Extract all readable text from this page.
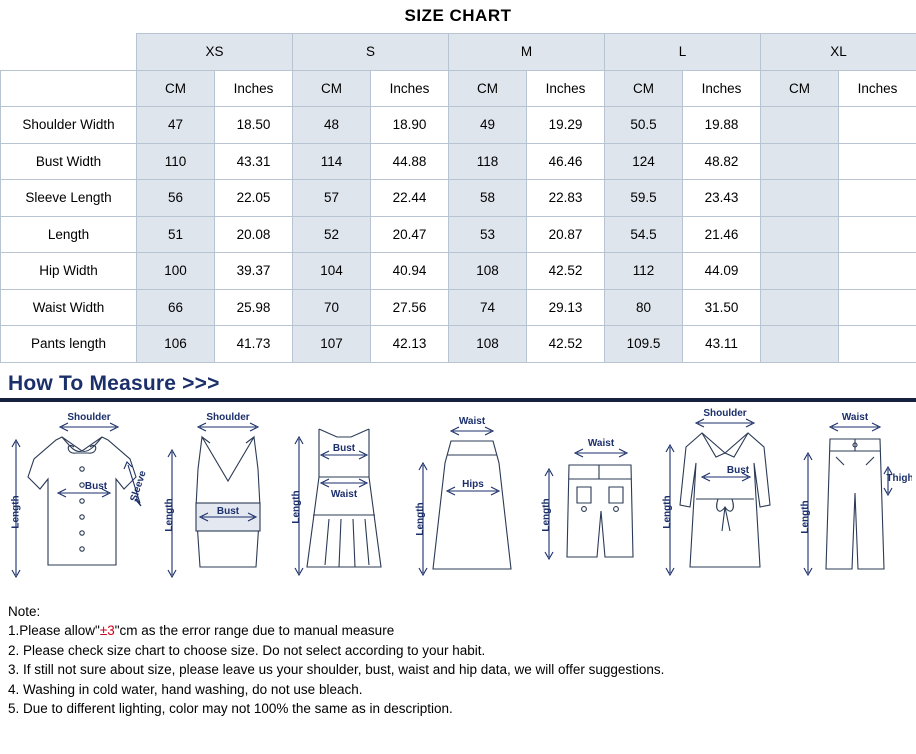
SIZE CHART
	XS		S		M		L		XL	
	CM	Inches	CM	Inches	CM	Inches	CM	Inches	CM	Inches
Shoulder Width	47	18.50	48	18.90	49	19.29	50.5	19.88		
Bust Width	110	43.31	114	44.88	118	46.46	124	48.82		
Sleeve Length	56	22.05	57	22.44	58	22.83	59.5	23.43		
Length	51	20.08	52	20.47	53	20.87	54.5	21.46		
Hip Width	100	39.37	104	40.94	108	42.52	112	44.09		
Waist Width	66	25.98	70	27.56	74	29.13	80	31.50		
Pants length	106	41.73	107	42.13	108	42.52	109.5	43.11		
How To Measure >>>
Length
Shoulder
Bust Sleeve
Length
Shoulder
Bust	Length
Bust
Waist
Length
Waist
Hips
Length
Waist
Length
Shoulder
Bust
Length
Waist
Thigh
Note:
1.Please allow"±3"cm as the error range due to manual measure
2. Please check size chart to choose size. Do not select according to your habit.
3. If still not sure about size, please leave us your shoulder, bust, waist and hip data, we will offer suggestions.
4. Washing in cold water, hand washing, do not use bleach.
5. Due to different lighting, color may not 100% the same as in description.
